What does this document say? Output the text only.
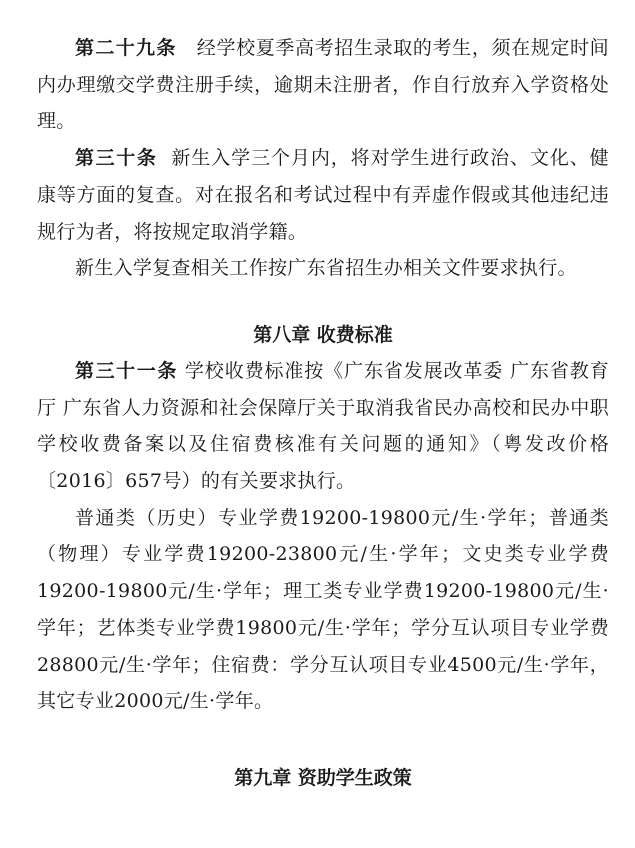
第二十九条 经学校夏季高考招生录取的考生，须在规定时间内办理缴交学费注册手续，逾期未注册者，作自行放弃入学资格处理。

第三十条 新生入学三个月内，将对学生进行政治、文化、健康等方面的复查。对在报名和考试过程中有弄虚作假或其他违纪违规行为者，将按规定取消学籍。

新生入学复查相关工作按广东省招生办相关文件要求执行。

第八章 收费标准

第三十一条 学校收费标准按《广东省发展改革委 广东省教育厅 广东省人力资源和社会保障厅关于取消我省民办高校和民办中职学校收费备案以及住宿费核准有关问题的通知》（粤发改价格〔2016〕657号）的有关要求执行。

普通类（历史）专业学费19200-19800元/生·学年；普通类（物理）专业学费19200-23800元/生·学年；文史类专业学费19200-19800元/生·学年；理工类专业学费19200-19800元/生·学年；艺体类专业学费19800元/生·学年；学分互认项目专业学费28800元/生·学年；住宿费：学分互认项目专业4500元/生·学年，其它专业2000元/生·学年。

第九章 资助学生政策
